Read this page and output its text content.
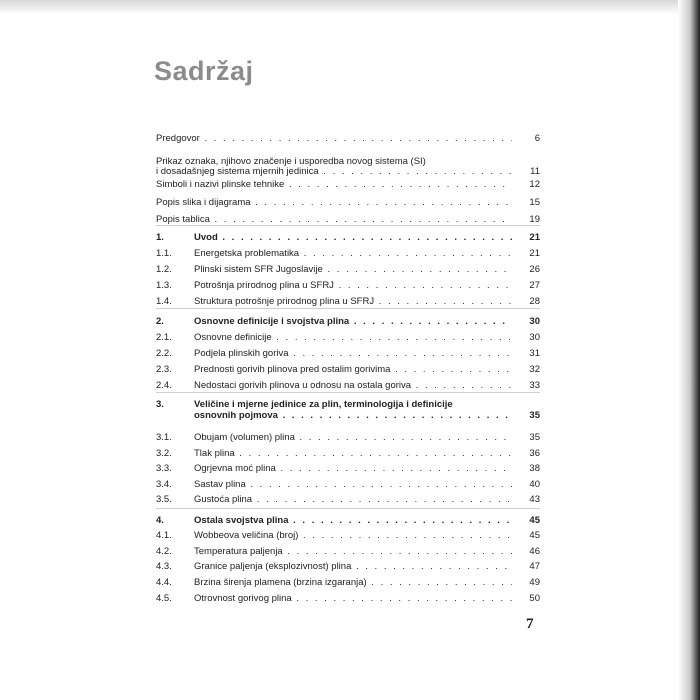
Sadržaj
Predgovor . . .	6
Prikaz oznaka, njihovo značenje i usporedba novog sistema (SI)
i dosadašnjeg sistema mjernih jedinica . . .	11
Simboli i nazivi plinske tehnike . . .	12
Popis slika i dijagrama . . .	15
Popis tablica . . .	19
1.	Uvod . . .	21
1.1. Energetska problematika . . .	21
1.2. Plinski sistem SFR Jugoslavije . . .	26
1.3. Potrošnja prirodnog plina u SFRJ . . .	27
1.4. Struktura potrošnje prirodnog plina u SFRJ . . .	28
2.	Osnovne definicije i svojstva plina . . .	30
2.1. Osnovne definicije . . .	30
2.2. Podjela plinskih goriva . . .	31
2.3. Prednosti gorivih plinova pred ostalim gorivima . . .	32
2.4. Nedostaci gorivih plinova u odnosu na ostala goriva . . .	33
3.	Veličine i mjerne jedinice za plin, terminologija i definicije
osnovnih pojmova . . .	35
3.1. Obujam (volumen) plina . . .	35
3.2. Tlak plina . . .	36
3.3. Ogrjevna moć plina . . .	38
3.4. Sastav plina . . .	40
3.5. Gustoća plina . . .	43
4.	Ostala svojstva plina . . .	45
4.1. Wobbeova veličina (broj) . . .	45
4.2. Temperatura paljenja . . .	46
4.3. Granice paljenja (eksplozivnost) plina . . .	47
4.4. Brzina širenja plamena (brzina izgaranja) . . .	49
4.5. Otrovnost gorivog plina . . .	50
7
